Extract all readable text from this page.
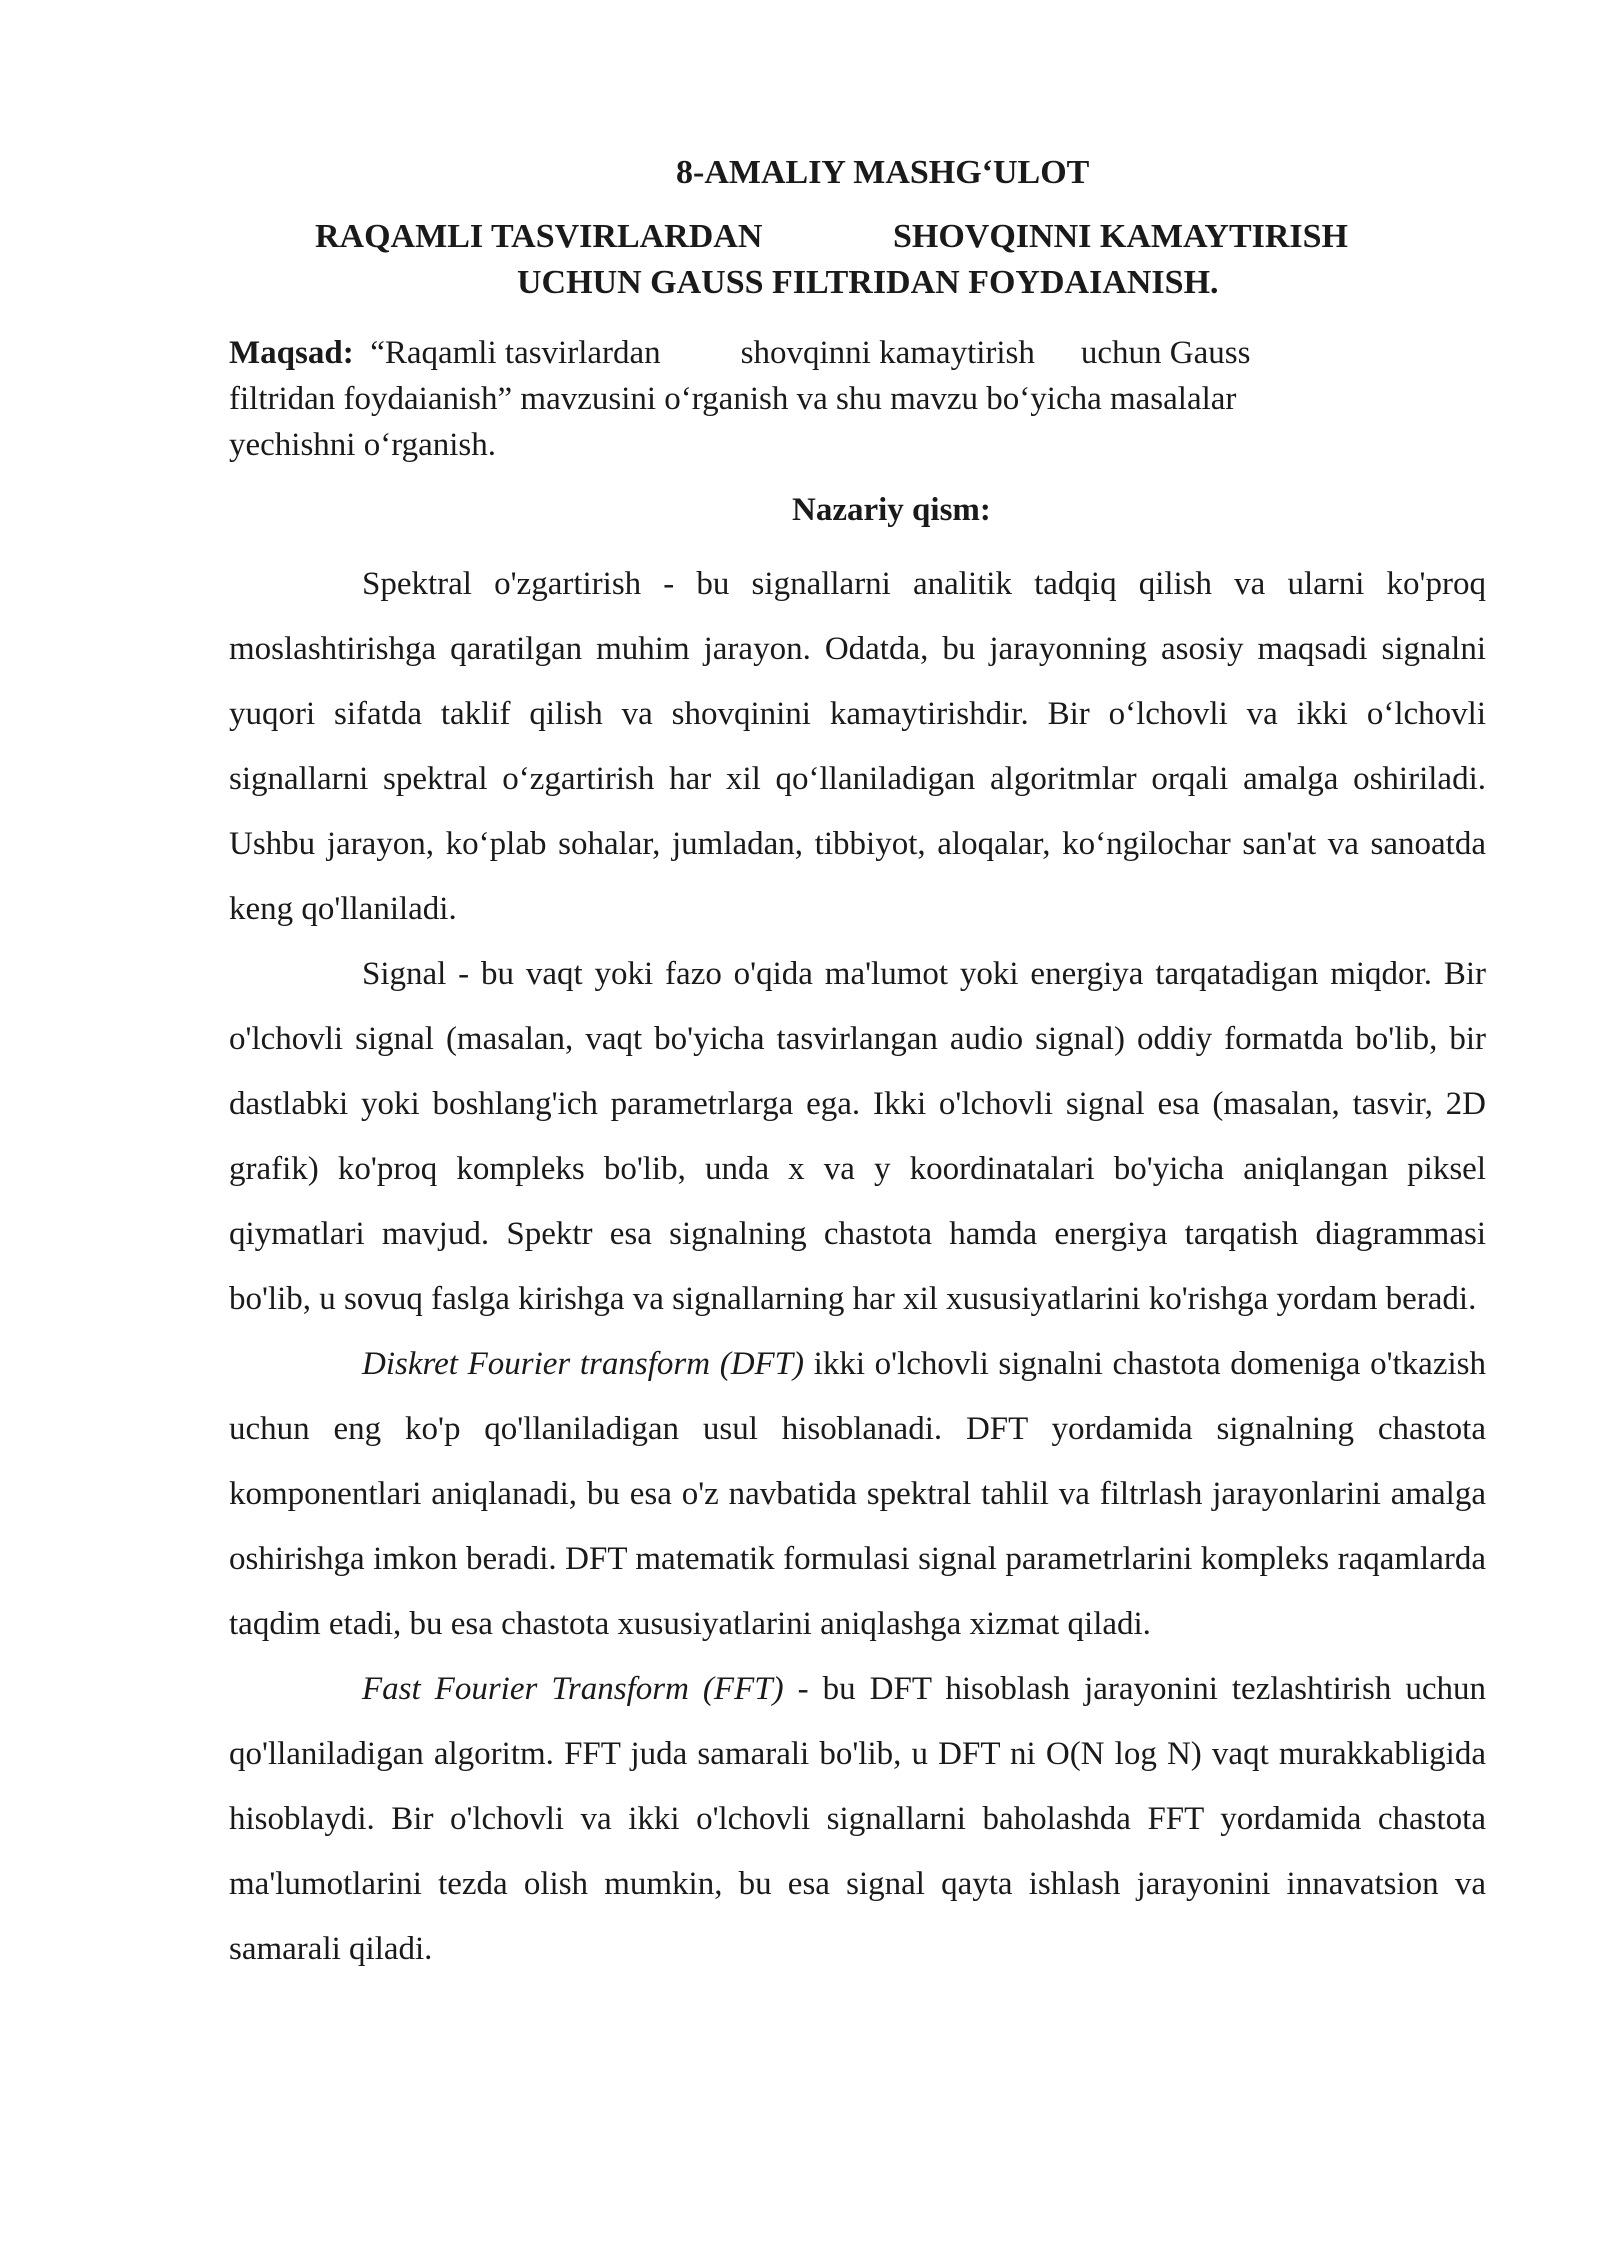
8-AMALIY MASHG‘ULOT
RAQAMLI TASVIRLARDAN	SHOVQINNI KAMAYTIRISH
UCHUN GAUSS FILTRIDAN FOYDAIANISH.
Maqsad: “Raqamli tasvirlardan shovqinni kamaytirish uchun Gauss
filtridan foydaianish” mavzusini o‘rganish va shu mavzu bo‘yicha masalalar
yechishni o‘rganish.
Nazariy qism:

Spektral o'zgartirish - bu signallarni analitik tadqiq qilish va ularni ko'proq moslashtirishga qaratilgan muhim jarayon. Odatda, bu jarayonning asosiy maqsadi signalni yuqori sifatda taklif qilish va shovqinini kamaytirishdir. Bir o‘lchovli va ikki o‘lchovli signallarni spektral o‘zgartirish har xil qo‘llaniladigan algoritmlar orqali amalga oshiriladi. Ushbu jarayon, ko‘plab sohalar, jumladan, tibbiyot, aloqalar, ko‘ngilochar san'at va sanoatda keng qo'llaniladi.

Signal - bu vaqt yoki fazo o'qida ma'lumot yoki energiya tarqatadigan miqdor. Bir o'lchovli signal (masalan, vaqt bo'yicha tasvirlangan audio signal) oddiy formatda bo'lib, bir dastlabki yoki boshlang'ich parametrlarga ega. Ikki o'lchovli signal esa (masalan, tasvir, 2D grafik) ko'proq kompleks bo'lib, unda x va y koordinatalari bo'yicha aniqlangan piksel qiymatlari mavjud. Spektr esa signalning chastota hamda energiya tarqatish diagrammasi bo'lib, u sovuq faslga kirishga va signallarning har xil xususiyatlarini ko'rishga yordam beradi.

Diskret Fourier transform (DFT) ikki o'lchovli signalni chastota domeniga o'tkazish uchun eng ko'p qo'llaniladigan usul hisoblanadi. DFT yordamida signalning chastota komponentlari aniqlanadi, bu esa o'z navbatida spektral tahlil va filtrlash jarayonlarini amalga oshirishga imkon beradi. DFT matematik formulasi signal parametrlarini kompleks raqamlarda taqdim etadi, bu esa chastota xususiyatlarini aniqlashga xizmat qiladi.

Fast Fourier Transform (FFT) - bu DFT hisoblash jarayonini tezlashtirish uchun qo'llaniladigan algoritm. FFT juda samarali bo'lib, u DFT ni O(N log N) vaqt murakkabligida hisoblaydi. Bir o'lchovli va ikki o'lchovli signallarni baholashda FFT yordamida chastota ma'lumotlarini tezda olish mumkin, bu esa signal qayta ishlash jarayonini innavatsion va samarali qiladi.
